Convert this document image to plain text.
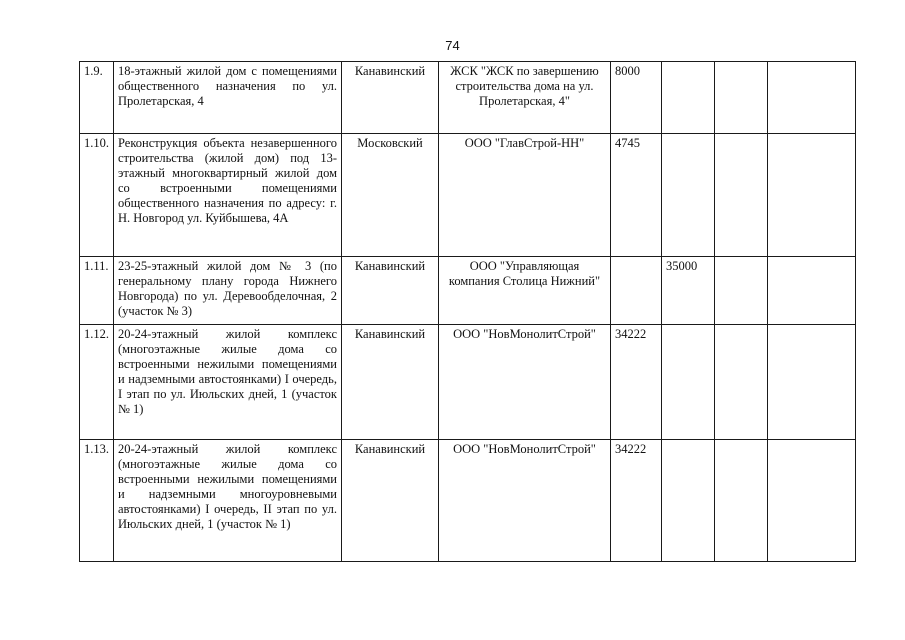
74
1.9.	18-этажный жилой дом с помещениями общественного назначения по ул. Пролетарская, 4	Канавинский	ЖСК "ЖСК по завершению строительства дома на ул. Пролетарская, 4"	8000			
1.10.	Реконструкция объекта незавершенного строительства (жилой дом) под 13-этажный многоквартирный жилой дом со встроенными помещениями общественного назначения по адресу: г. Н. Новгород ул. Куйбышева, 4А	Московский	ООО "ГлавСтрой-НН"	4745			
1.11.	23-25-этажный жилой дом № 3 (по генеральному плану города Нижнего Новгорода) по ул. Деревообделочная, 2 (участок № 3)	Канавинский	ООО "Управляющая компания Столица Нижний"		35000		
1.12.	20-24-этажный жилой комплекс (многоэтажные жилые дома со встроенными нежилыми помещениями и надземными автостоянками) I очередь, I этап по ул. Июльских дней, 1 (участок № 1)	Канавинский	ООО "НовМонолитСтрой"	34222			
1.13.	20-24-этажный жилой комплекс (многоэтажные жилые дома со встроенными нежилыми помещениями и надземными многоуровневыми автостоянками) I очередь, II этап по ул. Июльских дней, 1 (участок № 1)	Канавинский	ООО "НовМонолитСтрой"	34222			
